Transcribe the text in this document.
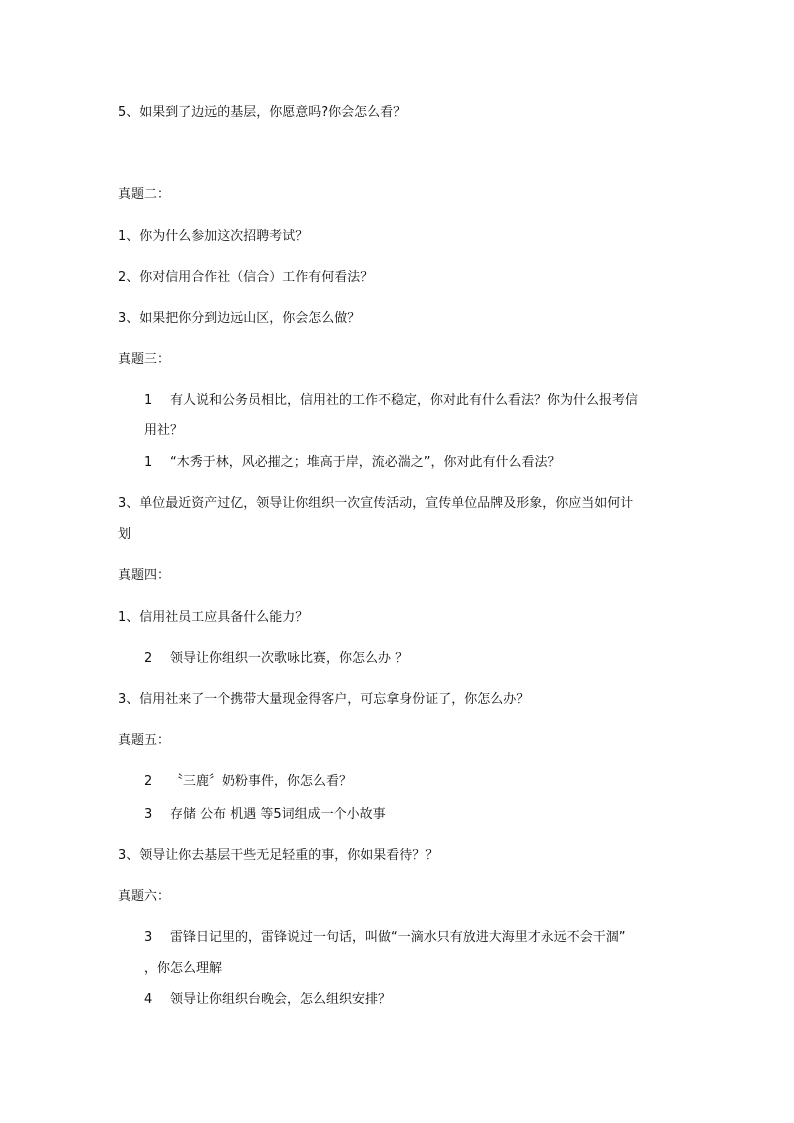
5、如果到了边远的基层，你愿意吗?你会怎么看？
真题二：
1、你为什么参加这次招聘考试？
2、你对信用合作社（信合）工作有何看法？
3、如果把你分到边远山区，你会怎么做？
真题三：
1 有人说和公务员相比，信用社的工作不稳定，你对此有什么看法？你为什么报考信
用社？
1 “木秀于林，风必摧之；堆高于岸，流必湍之”，你对此有什么看法？
3、单位最近资产过亿，领导让你组织一次宣传活动，宣传单位品牌及形象，你应当如何计
划
真题四：
1、信用社员工应具备什么能力？
2 领导让你组织一次歌咏比赛，你怎么办 ？
3、信用社来了一个携带大量现金得客户，可忘拿身份证了，你怎么办？
真题五：
2 〝三鹿〞奶粉事件，你怎么看？
3 存储 公布 机遇 等5词组成一个小故事
3、领导让你去基层干些无足轻重的事，你如果看待？？
真题六：
3 雷锋日记里的，雷锋说过一句话，叫做“一滴水只有放进大海里才永远不会干涸”
，你怎么理解
4 领导让你组织台晚会，怎么组织安排？
